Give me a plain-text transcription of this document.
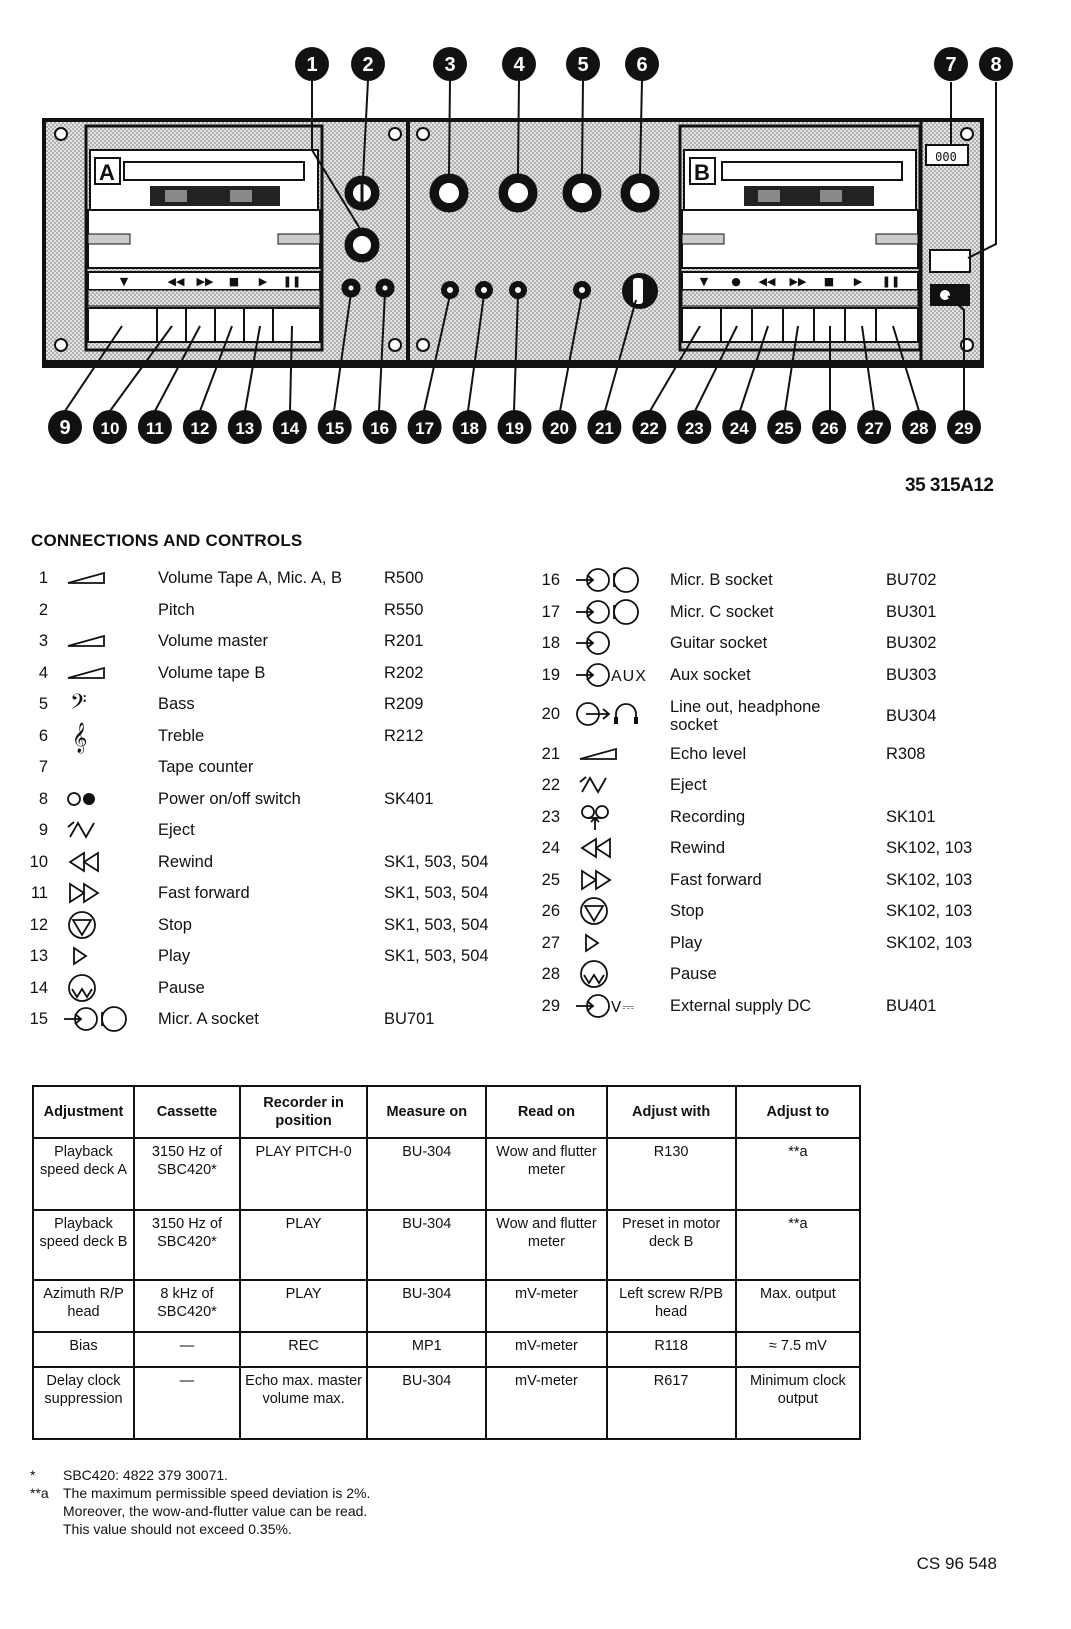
A
▼	◀◀ ▶▶ ■ ▶ ❚❚
B
▼ ● ◀◀ ▶▶ ■ ▶ ❚❚
000
1 2	3	4	5 6	7 8
9 10 11 12 13 14 15 16 17 18 19 20 21 22 23 24 25 26 27 28 29
35 315A12
CONNECTIONS AND CONTROLS
1	Volume Tape A, Mic. A, B	R500
2	Pitch	R550
3	Volume master	R201
4	Volume tape B	R202
5 𝄢	Bass	R209
6 𝄞	Treble	R212
7	Tape counter
8	Power on/off switch	SK401
9	Eject
10	Rewind	SK1, 503, 504
11	Fast forward	SK1, 503, 504
12	Stop	SK1, 503, 504
13	Play	SK1, 503, 504
14	Pause
15	Micr. A socket	BU701
16	Micr. B socket	BU702
17	Micr. C socket	BU301
18	Guitar socket	BU302
19	AUX Aux socket	BU303
20	Line out, headphone socket	BU304
21	Echo level	R308
22	Eject
23	Recording	SK101
24	Rewind	SK102, 103
25	Fast forward	SK102, 103
26	Stop	SK102, 103
27	Play	SK102, 103
28	Pause
29	V⎓ External supply DC	BU401
Adjustment	Cassette	Recorder in position	Measure on	Read on	Adjust with	Adjust to
Playback speed deck A	3150 Hz of SBC420*	PLAY PITCH-0	BU-304	Wow and flutter meter	R130	**a
Playback speed deck B	3150 Hz of SBC420*	PLAY	BU-304	Wow and flutter meter	Preset in motor deck B	**a
Azimuth R/P head	8 kHz of SBC420*	PLAY	BU-304	mV-meter	Left screw R/PB head	Max. output
Bias	—	REC	MP1	mV-meter	R118	≈ 7.5 mV
Delay clock suppression	—	Echo max. master volume max.	BU-304	mV-meter	R617	Minimum clock output
* SBC420: 4822 379 30071.
**a The maximum permissible speed deviation is 2%.
Moreover, the wow-and-flutter value can be read.
This value should not exceed 0.35%.
CS 96 548
